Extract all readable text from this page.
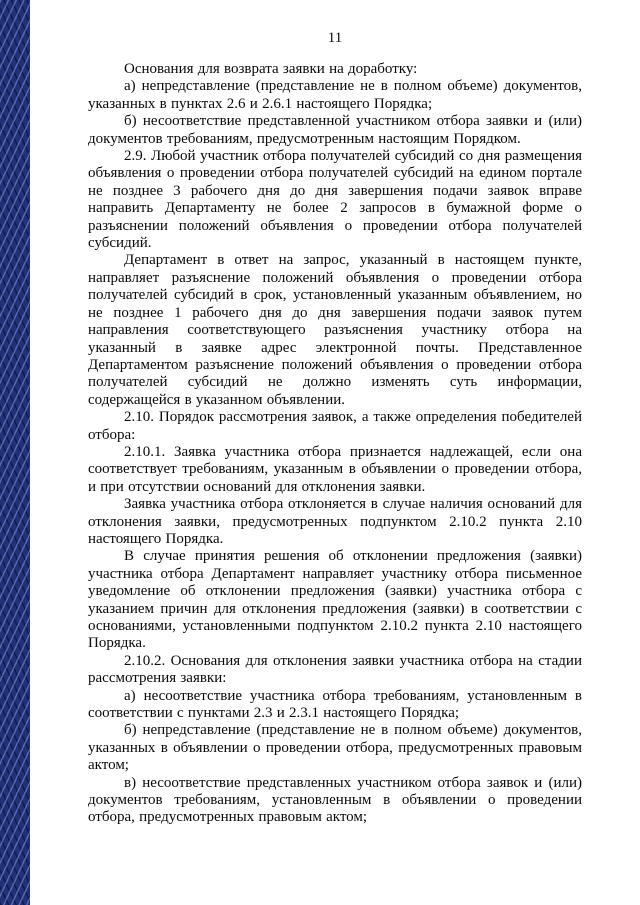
11

Основания для возврата заявки на доработку:

а) непредставление (представление не в полном объеме) документов, указанных в пунктах 2.6 и 2.6.1 настоящего Порядка;

б) несоответствие представленной участником отбора заявки и (или) документов требованиям, предусмотренным настоящим Порядком.

2.9. Любой участник отбора получателей субсидий со дня размещения объявления о проведении отбора получателей субсидий на едином портале не позднее 3 рабочего дня до дня завершения подачи заявок вправе направить Департаменту не более 2 запросов в бумажной форме о разъяснении положений объявления о проведении отбора получателей субсидий.

Департамент в ответ на запрос, указанный в настоящем пункте, направляет разъяснение положений объявления о проведении отбора получателей субсидий в срок, установленный указанным объявлением, но не позднее 1 рабочего дня до дня завершения подачи заявок путем направления соответствующего разъяснения участнику отбора на указанный в заявке адрес электронной почты. Представленное Департаментом разъяснение положений объявления о проведении отбора получателей субсидий не должно изменять суть информации, содержащейся в указанном объявлении.

2.10. Порядок рассмотрения заявок, а также определения победителей отбора:

2.10.1. Заявка участника отбора признается надлежащей, если она соответствует требованиям, указанным в объявлении о проведении отбора, и при отсутствии оснований для отклонения заявки.

Заявка участника отбора отклоняется в случае наличия оснований для отклонения заявки, предусмотренных подпунктом 2.10.2 пункта 2.10 настоящего Порядка.

В случае принятия решения об отклонении предложения (заявки) участника отбора Департамент направляет участнику отбора письменное уведомление об отклонении предложения (заявки) участника отбора с указанием причин для отклонения предложения (заявки) в соответствии с основаниями, установленными подпунктом 2.10.2 пункта 2.10 настоящего Порядка.

2.10.2. Основания для отклонения заявки участника отбора на стадии рассмотрения заявки:

а) несоответствие участника отбора требованиям, установленным в соответствии с пунктами 2.3 и 2.3.1 настоящего Порядка;

б) непредставление (представление не в полном объеме) документов, указанных в объявлении о проведении отбора, предусмотренных правовым актом;

в) несоответствие представленных участником отбора заявок и (или) документов требованиям, установленным в объявлении о проведении отбора, предусмотренных правовым актом;
